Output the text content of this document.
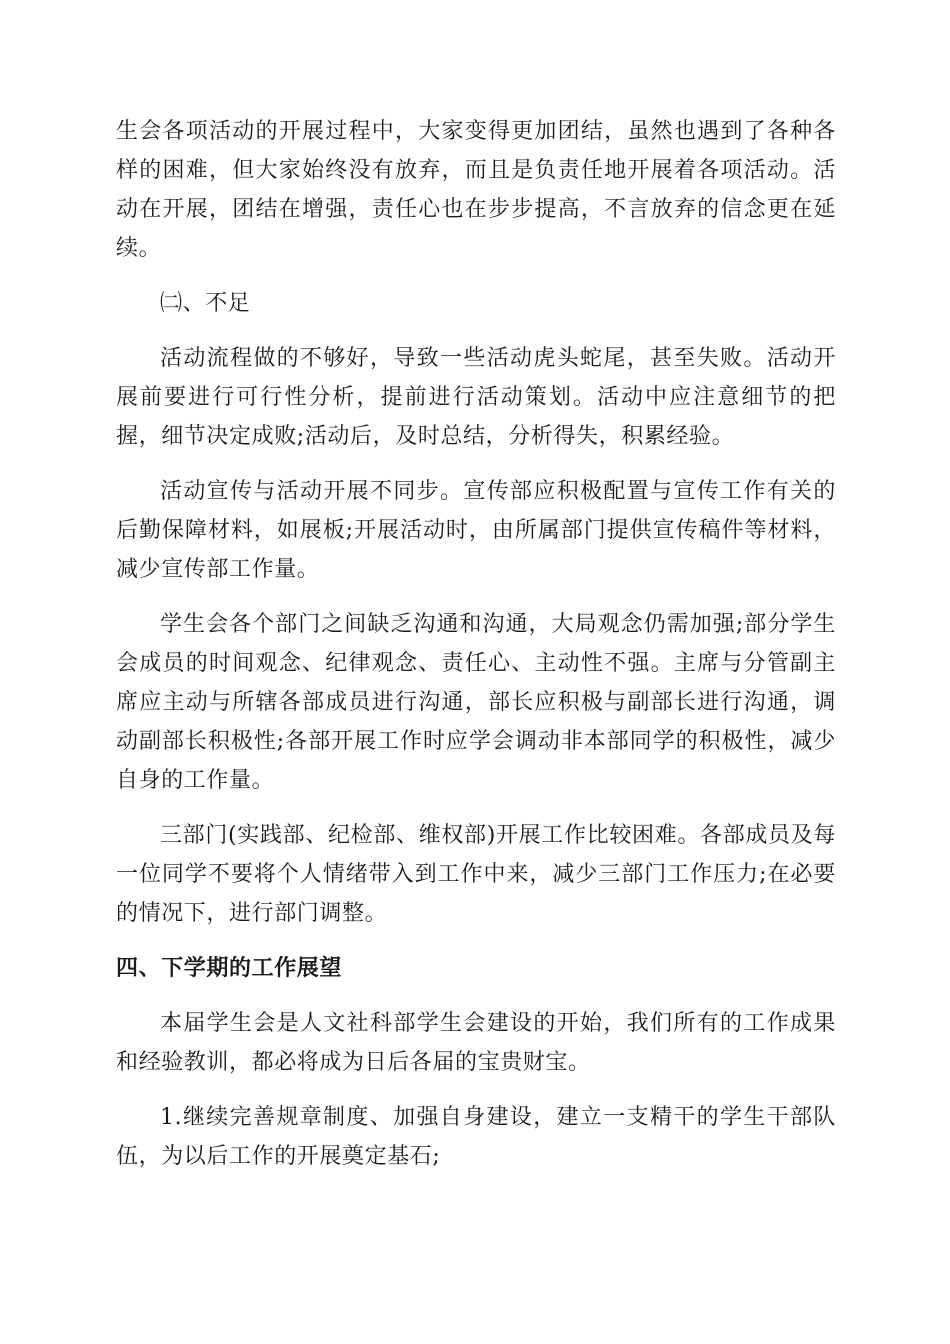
生会各项活动的开展过程中，大家变得更加团结，虽然也遇到了各种各样的困难，但大家始终没有放弃，而且是负责任地开展着各项活动。活动在开展，团结在增强，责任心也在步步提高，不言放弃的信念更在延续。

㈡、不足

活动流程做的不够好，导致一些活动虎头蛇尾，甚至失败。活动开展前要进行可行性分析，提前进行活动策划。活动中应注意细节的把握，细节决定成败;活动后，及时总结，分析得失，积累经验。

活动宣传与活动开展不同步。宣传部应积极配置与宣传工作有关的后勤保障材料，如展板;开展活动时，由所属部门提供宣传稿件等材料，减少宣传部工作量。

学生会各个部门之间缺乏沟通和沟通，大局观念仍需加强;部分学生会成员的时间观念、纪律观念、责任心、主动性不强。主席与分管副主席应主动与所辖各部成员进行沟通，部长应积极与副部长进行沟通，调动副部长积极性;各部开展工作时应学会调动非本部同学的积极性，减少自身的工作量。

三部门(实践部、纪检部、维权部)开展工作比较困难。各部成员及每一位同学不要将个人情绪带入到工作中来，减少三部门工作压力;在必要的情况下，进行部门调整。

四、下学期的工作展望

本届学生会是人文社科部学生会建设的开始，我们所有的工作成果和经验教训，都必将成为日后各届的宝贵财宝。

1.继续完善规章制度、加强自身建设，建立一支精干的学生干部队伍，为以后工作的开展奠定基石;
